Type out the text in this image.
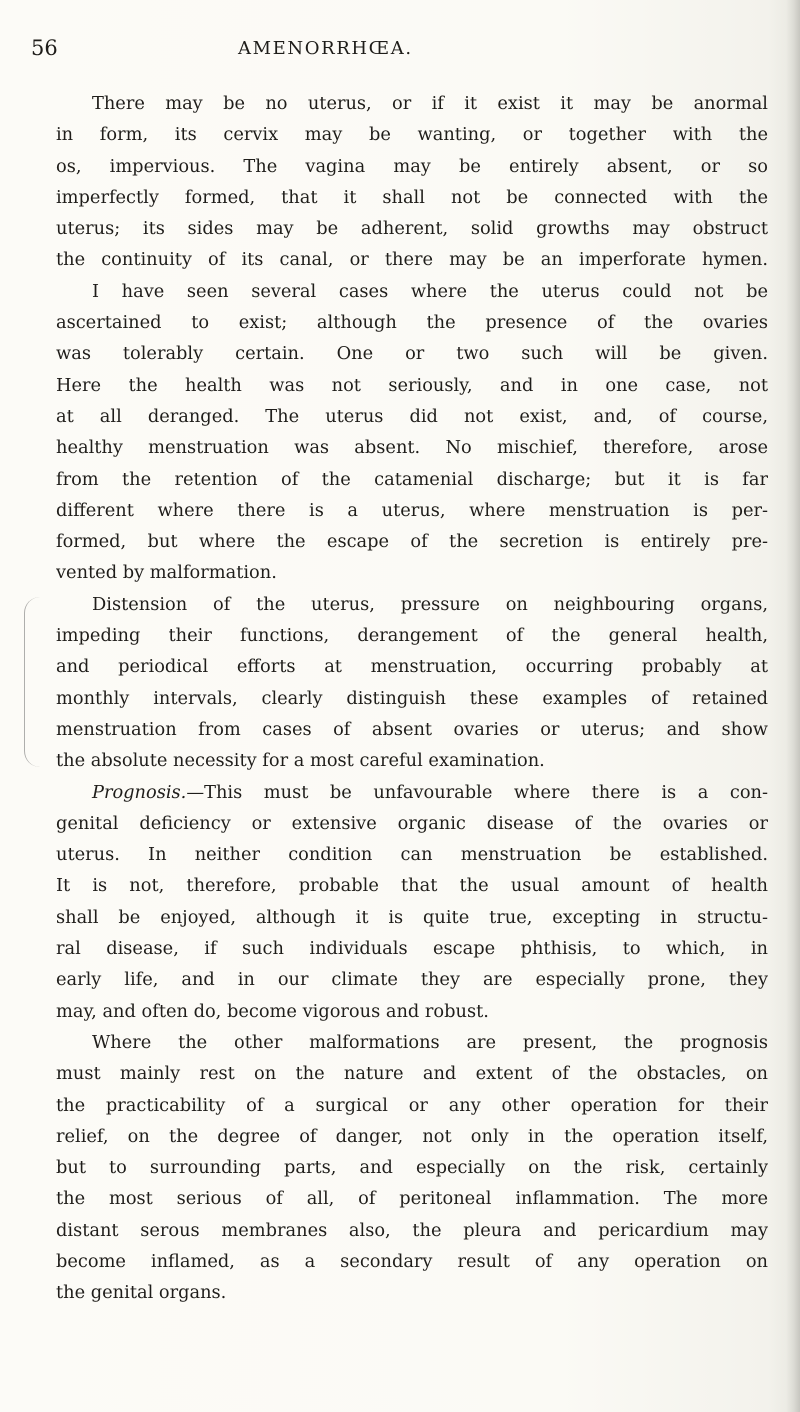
56	AMENORRHŒA.
There may be no uterus, or if it exist it may be anormal
in form, its cervix may be wanting, or together with the
os, impervious. The vagina may be entirely absent, or so
imperfectly formed, that it shall not be connected with the
uterus; its sides may be adherent, solid growths may obstruct
the continuity of its canal, or there may be an imperforate hymen.
I have seen several cases where the uterus could not be
ascertained to exist; although the presence of the ovaries
was tolerably certain. One or two such will be given.
Here the health was not seriously, and in one case, not
at all deranged. The uterus did not exist, and, of course,
healthy menstruation was absent. No mischief, therefore, arose
from the retention of the catamenial discharge; but it is far
different where there is a uterus, where menstruation is per-
formed, but where the escape of the secretion is entirely pre-
vented by malformation.
Distension of the uterus, pressure on neighbouring organs,
impeding their functions, derangement of the general health,
and periodical efforts at menstruation, occurring probably at
monthly intervals, clearly distinguish these examples of retained
menstruation from cases of absent ovaries or uterus; and show
the absolute necessity for a most careful examination.
Prognosis.—This must be unfavourable where there is a con-
genital deficiency or extensive organic disease of the ovaries or
uterus. In neither condition can menstruation be established.
It is not, therefore, probable that the usual amount of health
shall be enjoyed, although it is quite true, excepting in structu-
ral disease, if such individuals escape phthisis, to which, in
early life, and in our climate they are especially prone, they
may, and often do, become vigorous and robust.
Where the other malformations are present, the prognosis
must mainly rest on the nature and extent of the obstacles, on
the practicability of a surgical or any other operation for their
relief, on the degree of danger, not only in the operation itself,
but to surrounding parts, and especially on the risk, certainly
the most serious of all, of peritoneal inflammation. The more
distant serous membranes also, the pleura and pericardium may
become inflamed, as a secondary result of any operation on
the genital organs.
